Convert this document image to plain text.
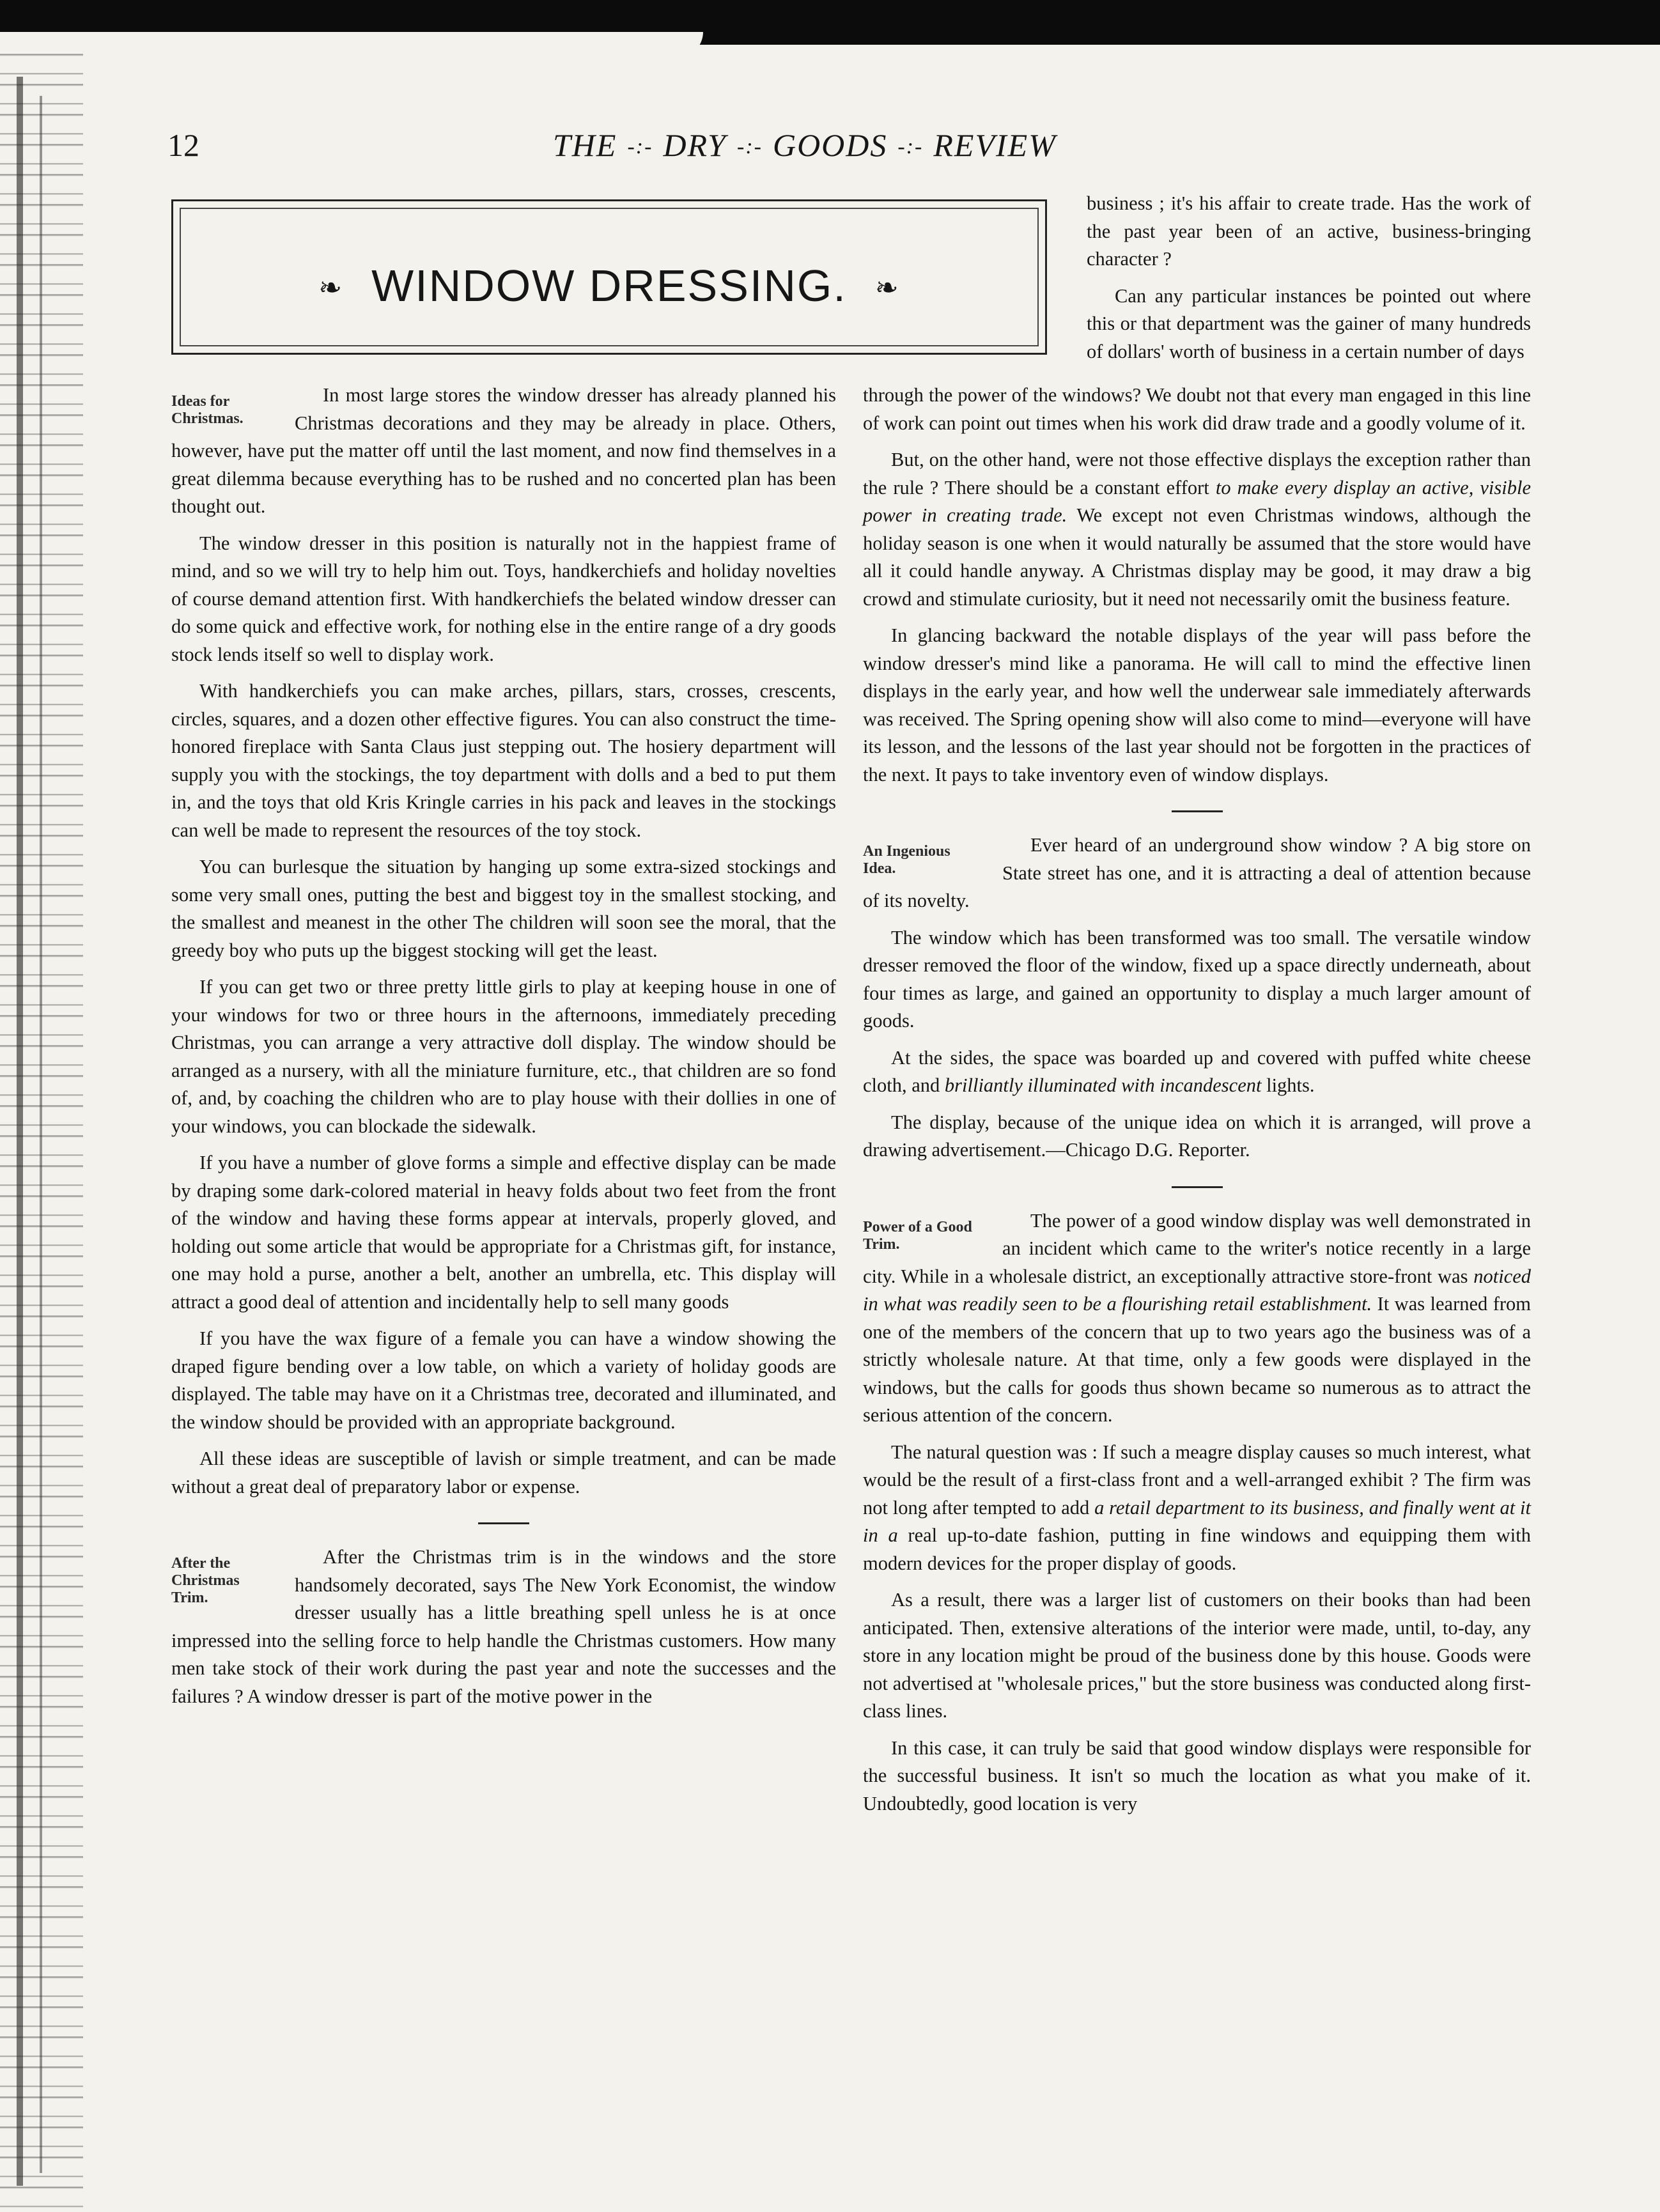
12	THE -:- DRY -:- GOODS -:- REVIEW
❧ WINDOW DRESSING. ❧

business ; it's his affair to create trade. Has the work of the past year been of an active, business-bringing character ?

Can any particular instances be pointed out where this or that department was the gainer of many hundreds of dollars' worth of business in a certain number of days

Ideas for Christmas.

In most large stores the window dresser has already planned his Christmas decorations and they may be already in place. Others, however, have put the matter off until the last moment, and now find themselves in a great dilemma because everything has to be rushed and no concerted plan has been thought out.

The window dresser in this position is naturally not in the happiest frame of mind, and so we will try to help him out. Toys, handkerchiefs and holiday novelties of course demand attention first. With handkerchiefs the belated window dresser can do some quick and effective work, for nothing else in the entire range of a dry goods stock lends itself so well to display work.

With handkerchiefs you can make arches, pillars, stars, crosses, crescents, circles, squares, and a dozen other effective figures. You can also construct the time-honored fireplace with Santa Claus just stepping out. The hosiery department will supply you with the stockings, the toy department with dolls and a bed to put them in, and the toys that old Kris Kringle carries in his pack and leaves in the stockings can well be made to represent the resources of the toy stock.

You can burlesque the situation by hanging up some extra-sized stockings and some very small ones, putting the best and biggest toy in the smallest stocking, and the smallest and meanest in the other The children will soon see the moral, that the greedy boy who puts up the biggest stocking will get the least.

If you can get two or three pretty little girls to play at keeping house in one of your windows for two or three hours in the afternoons, immediately preceding Christmas, you can arrange a very attractive doll display. The window should be arranged as a nursery, with all the miniature furniture, etc., that children are so fond of, and, by coaching the children who are to play house with their dollies in one of your windows, you can blockade the sidewalk.

If you have a number of glove forms a simple and effective display can be made by draping some dark-colored material in heavy folds about two feet from the front of the window and having these forms appear at intervals, properly gloved, and holding out some article that would be appropriate for a Christmas gift, for instance, one may hold a purse, another a belt, another an umbrella, etc. This display will attract a good deal of attention and incidentally help to sell many goods

If you have the wax figure of a female you can have a window showing the draped figure bending over a low table, on which a variety of holiday goods are displayed. The table may have on it a Christmas tree, decorated and illuminated, and the window should be provided with an appropriate background.

All these ideas are susceptible of lavish or simple treatment, and can be made without a great deal of preparatory labor or expense.

After the Christmas Trim.

After the Christmas trim is in the windows and the store handsomely decorated, says The New York Economist, the window dresser usually has a little breathing spell unless he is at once impressed into the selling force to help handle the Christmas customers. How many men take stock of their work during the past year and note the successes and the failures ? A window dresser is part of the motive power in the

through the power of the windows? We doubt not that every man engaged in this line of work can point out times when his work did draw trade and a goodly volume of it.

But, on the other hand, were not those effective displays the exception rather than the rule ? There should be a constant effort to make every display an active, visible power in creating trade. We except not even Christmas windows, although the holiday season is one when it would naturally be assumed that the store would have all it could handle anyway. A Christmas display may be good, it may draw a big crowd and stimulate curiosity, but it need not necessarily omit the business feature.

In glancing backward the notable displays of the year will pass before the window dresser's mind like a panorama. He will call to mind the effective linen displays in the early year, and how well the underwear sale immediately afterwards was received. The Spring opening show will also come to mind—everyone will have its lesson, and the lessons of the last year should not be forgotten in the practices of the next. It pays to take inventory even of window displays.

An Ingenious Idea.

Ever heard of an underground show window ? A big store on State street has one, and it is attracting a deal of attention because of its novelty.

The window which has been transformed was too small. The versatile window dresser removed the floor of the window, fixed up a space directly underneath, about four times as large, and gained an opportunity to display a much larger amount of goods.

At the sides, the space was boarded up and covered with puffed white cheese cloth, and brilliantly illuminated with incandescent lights.

The display, because of the unique idea on which it is arranged, will prove a drawing advertisement.—Chicago D.G. Reporter.

Power of a Good Trim.

The power of a good window display was well demonstrated in an incident which came to the writer's notice recently in a large city. While in a wholesale district, an exceptionally attractive store-front was noticed in what was readily seen to be a flourishing retail establishment. It was learned from one of the members of the concern that up to two years ago the business was of a strictly wholesale nature. At that time, only a few goods were displayed in the windows, but the calls for goods thus shown became so numerous as to attract the serious attention of the concern.

The natural question was : If such a meagre display causes so much interest, what would be the result of a first-class front and a well-arranged exhibit ? The firm was not long after tempted to add a retail department to its business, and finally went at it in a real up-to-date fashion, putting in fine windows and equipping them with modern devices for the proper display of goods.

As a result, there was a larger list of customers on their books than had been anticipated. Then, extensive alterations of the interior were made, until, to-day, any store in any location might be proud of the business done by this house. Goods were not advertised at "wholesale prices," but the store business was conducted along first-class lines.

In this case, it can truly be said that good window displays were responsible for the successful business. It isn't so much the location as what you make of it. Undoubtedly, good location is very
